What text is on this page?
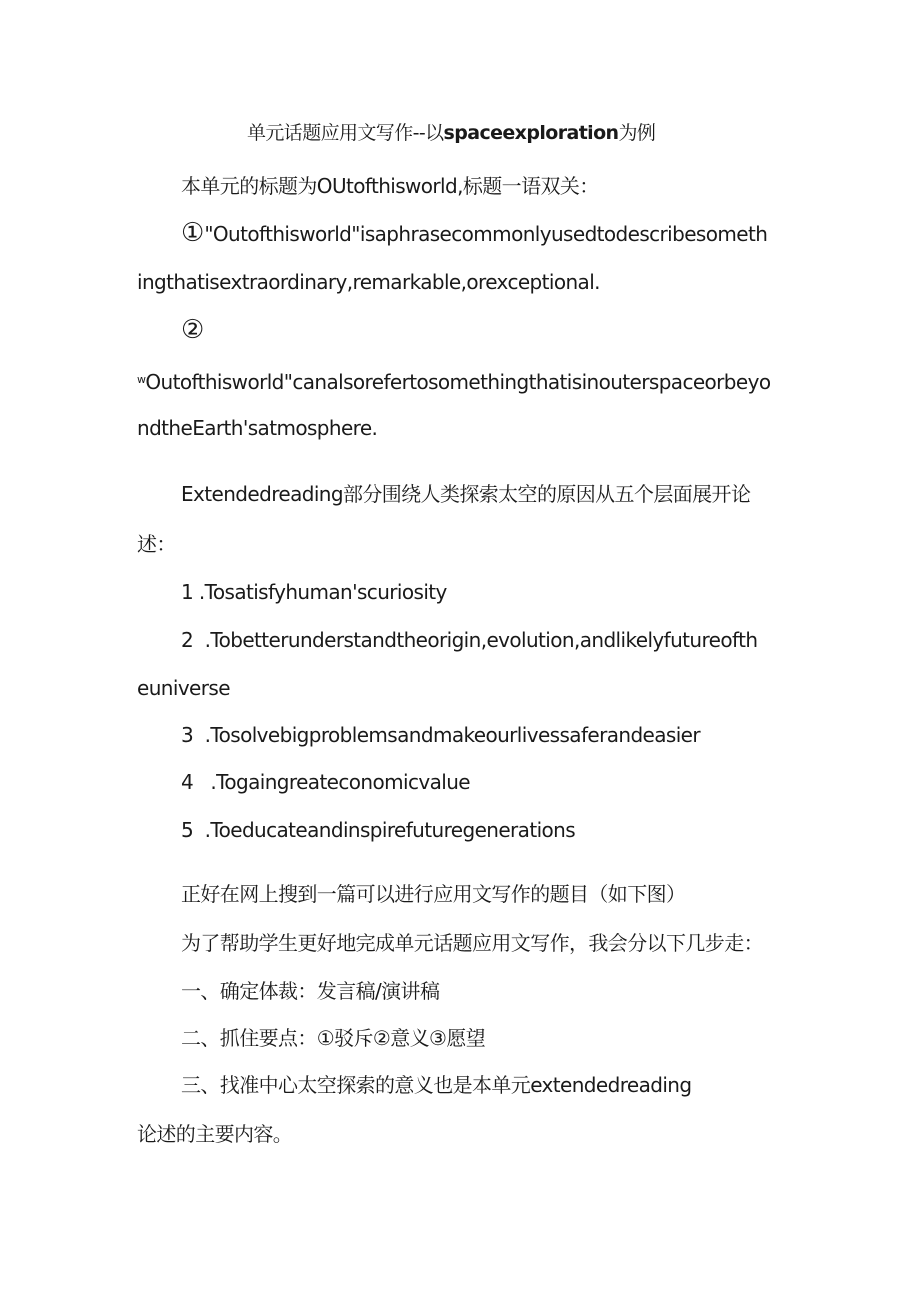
单元话题应用文写作--以spaceexploration为例
本单元的标题为OUtofthisworld,标题一语双关：
①"Outofthisworld"isaphrasecommonlyusedtodescribesometh
ingthatisextraordinary,remarkable,orexceptional.
②
$^w$Outofthisworld"canalsorefertosomethingthatisinouterspaceorbeyo
ndtheEarth'satmosphere.
Extendedreading部分围绕人类探索太空的原因从五个层面展开论
述：
1 .Tosatisfyhuman'scuriosity
2 .Tobetterunderstandtheorigin,evolution,andlikelyfutureofth
euniverse
3 .Tosolvebigproblemsandmakeourlivessaferandeasier
4 .Togaingreateconomicvalue
5 .Toeducateandinspirefuturegenerations
正好在网上搜到一篇可以进行应用文写作的题目（如下图）
为了帮助学生更好地完成单元话题应用文写作，我会分以下几步走：
一、确定体裁：发言稿/演讲稿
二、抓住要点：①驳斥②意义③愿望
三、找准中心太空探索的意义也是本单元extendedreading
论述的主要内容。
